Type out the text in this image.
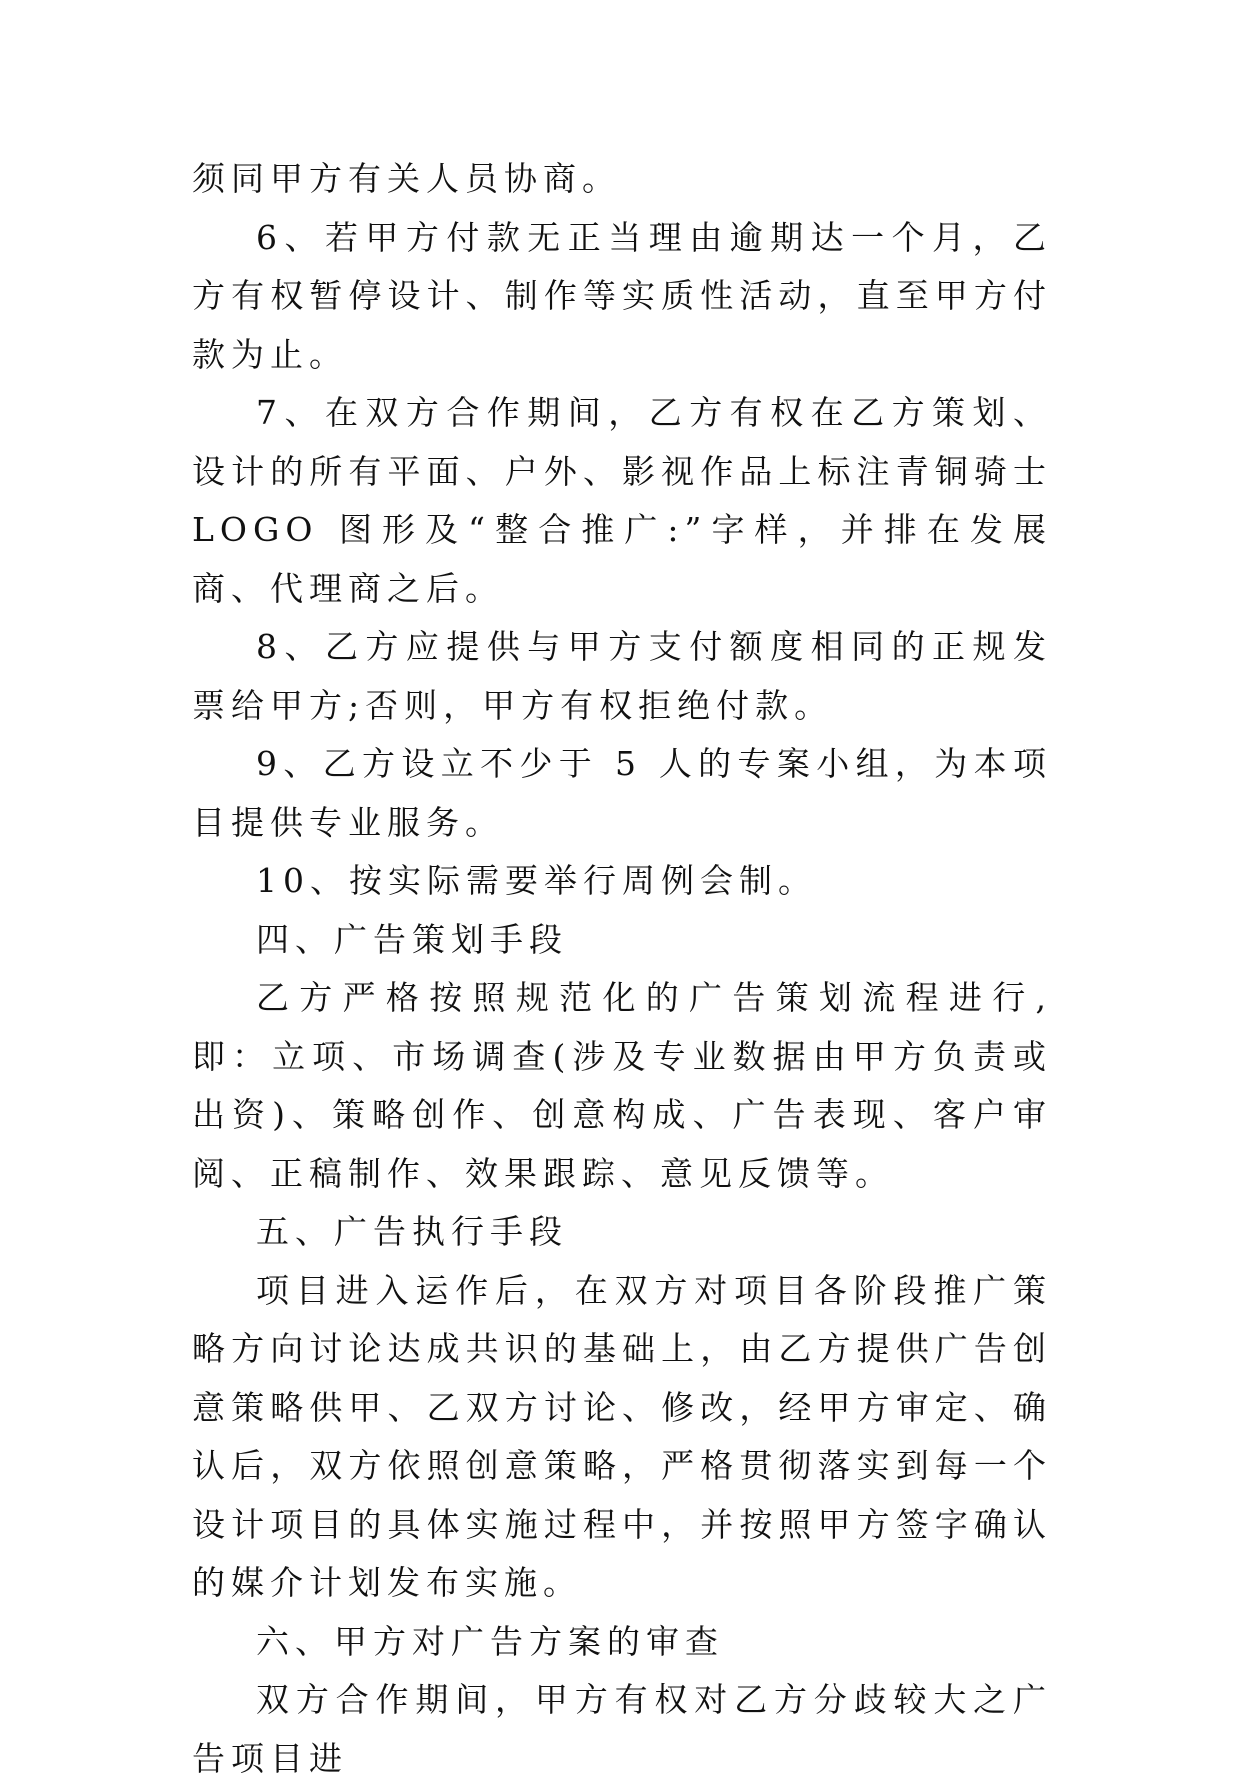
须同甲方有关人员协商。

6、若甲方付款无正当理由逾期达一个月，乙方有权暂停设计、制作等实质性活动，直至甲方付款为止。

7、在双方合作期间，乙方有权在乙方策划、设计的所有平面、户外、影视作品上标注青铜骑士 LOGO 图形及“整合推广:”字样，并排在发展商、代理商之后。

8、乙方应提供与甲方支付额度相同的正规发票给甲方;否则，甲方有权拒绝付款。

9、乙方设立不少于 5 人的专案小组，为本项目提供专业服务。

10、按实际需要举行周例会制。

四、广告策划手段

乙方严格按照规范化的广告策划流程进行,即：立项、市场调查(涉及专业数据由甲方负责或出资)、策略创作、创意构成、广告表现、客户审阅、正稿制作、效果跟踪、意见反馈等。

五、广告执行手段

项目进入运作后，在双方对项目各阶段推广策略方向讨论达成共识的基础上，由乙方提供广告创意策略供甲、乙双方讨论、修改，经甲方审定、确认后，双方依照创意策略，严格贯彻落实到每一个设计项目的具体实施过程中，并按照甲方签字确认的媒介计划发布实施。

六、甲方对广告方案的审查

双方合作期间，甲方有权对乙方分歧较大之广告项目进
